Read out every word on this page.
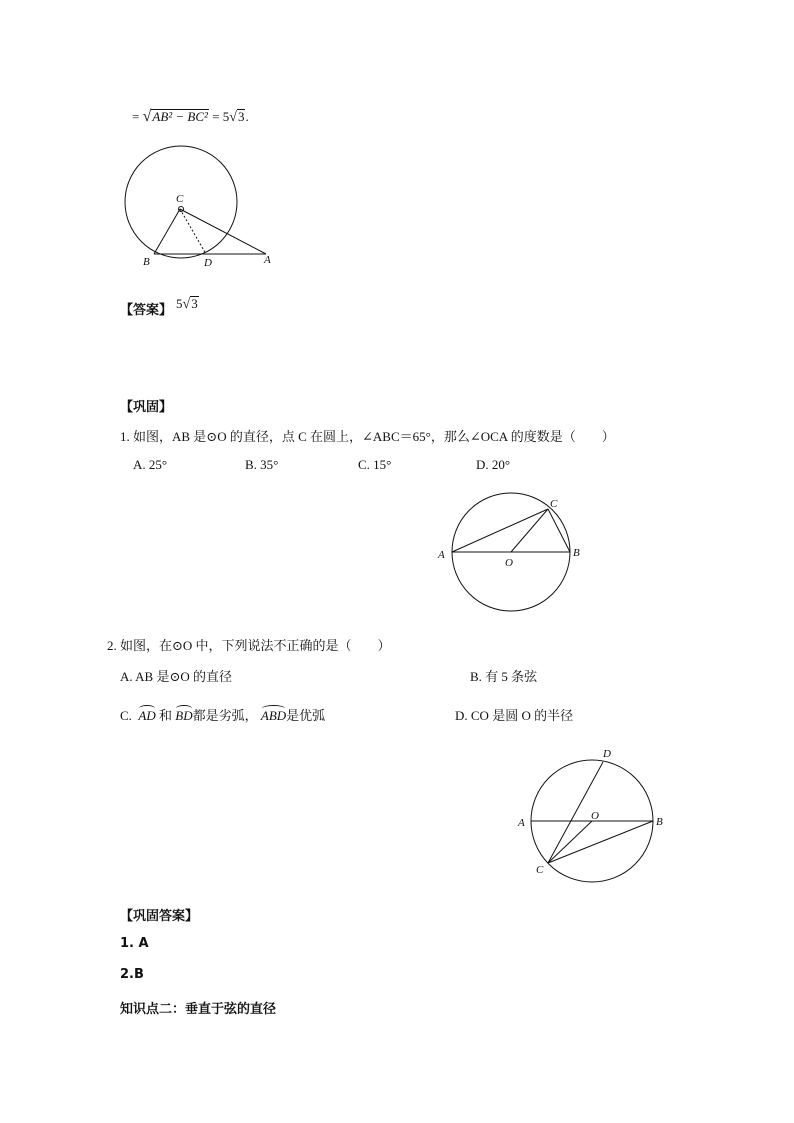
= √AB² − BC² = 5√3.
C
B	D	A
【答案】 $^5$√3
【巩固】
1. 如图，AB 是⊙O 的直径，点 C 在圆上，∠ABC＝65°，那么∠OCA 的度数是（　　）
A. 25°	B. 35°	C. 15°	D. 20°
A	B
C
O
2. 如图，在⊙O 中，下列说法不正确的是（　　）
A. AB 是⊙O 的直径	B. 有 5 条弦
C. AD 和 BD都是劣弧， ABD是优弧	D. CO 是圆 O 的半径
D
A
O	B
C
【巩固答案】
1. A
2.B
知识点二：垂直于弦的直径
